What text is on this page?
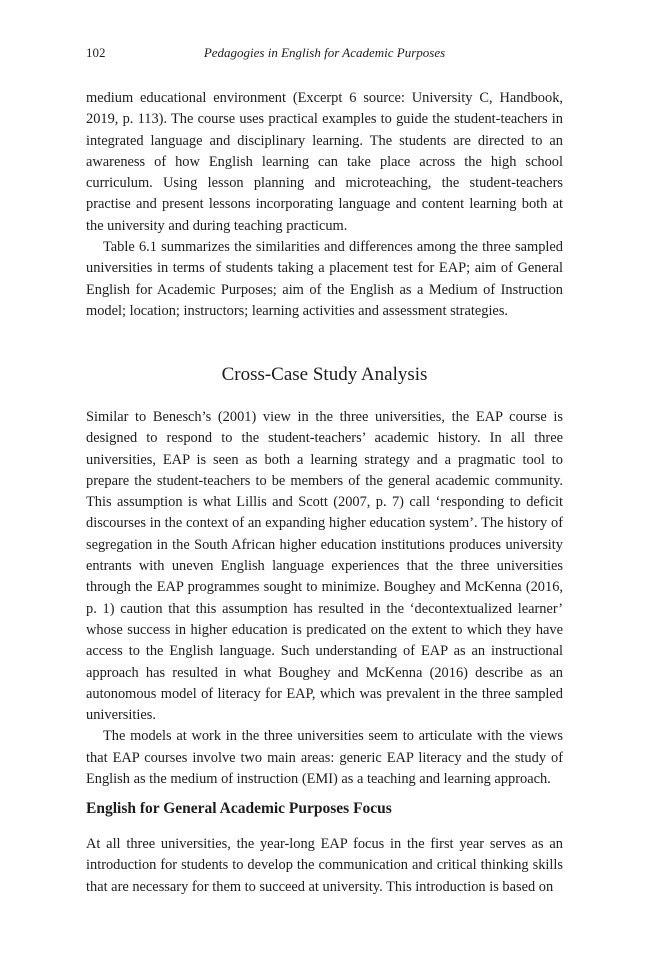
102	Pedagogies in English for Academic Purposes

medium educational environment (Excerpt 6 source: University C, Handbook, 2019, p. 113). The course uses practical examples to guide the student-teachers in integrated language and disciplinary learning. The students are directed to an awareness of how English learning can take place across the high school curriculum. Using lesson planning and microteaching, the student-teachers practise and present lessons incorporating language and content learning both at the university and during teaching practicum.

Table 6.1 summarizes the similarities and differences among the three sampled universities in terms of students taking a placement test for EAP; aim of General English for Academic Purposes; aim of the English as a Medium of Instruction model; location; instructors; learning activities and assessment strategies.

Cross-Case Study Analysis

Similar to Benesch’s (2001) view in the three universities, the EAP course is designed to respond to the student-teachers’ academic history. In all three universities, EAP is seen as both a learning strategy and a pragmatic tool to prepare the student-teachers to be members of the general academic community. This assumption is what Lillis and Scott (2007, p. 7) call ‘responding to deficit discourses in the context of an expanding higher education system’. The history of segregation in the South African higher education institutions produces university entrants with uneven English language experiences that the three universities through the EAP programmes sought to minimize. Boughey and McKenna (2016, p. 1) caution that this assumption has resulted in the ‘decontextualized learner’ whose success in higher education is predicated on the extent to which they have access to the English language. Such understanding of EAP as an instructional approach has resulted in what Boughey and McKenna (2016) describe as an autonomous model of literacy for EAP, which was prevalent in the three sampled universities.

The models at work in the three universities seem to articulate with the views that EAP courses involve two main areas: generic EAP literacy and the study of English as the medium of instruction (EMI) as a teaching and learning approach.

English for General Academic Purposes Focus

At all three universities, the year-long EAP focus in the first year serves as an introduction for students to develop the communication and critical thinking skills that are necessary for them to succeed at university. This introduction is based on
